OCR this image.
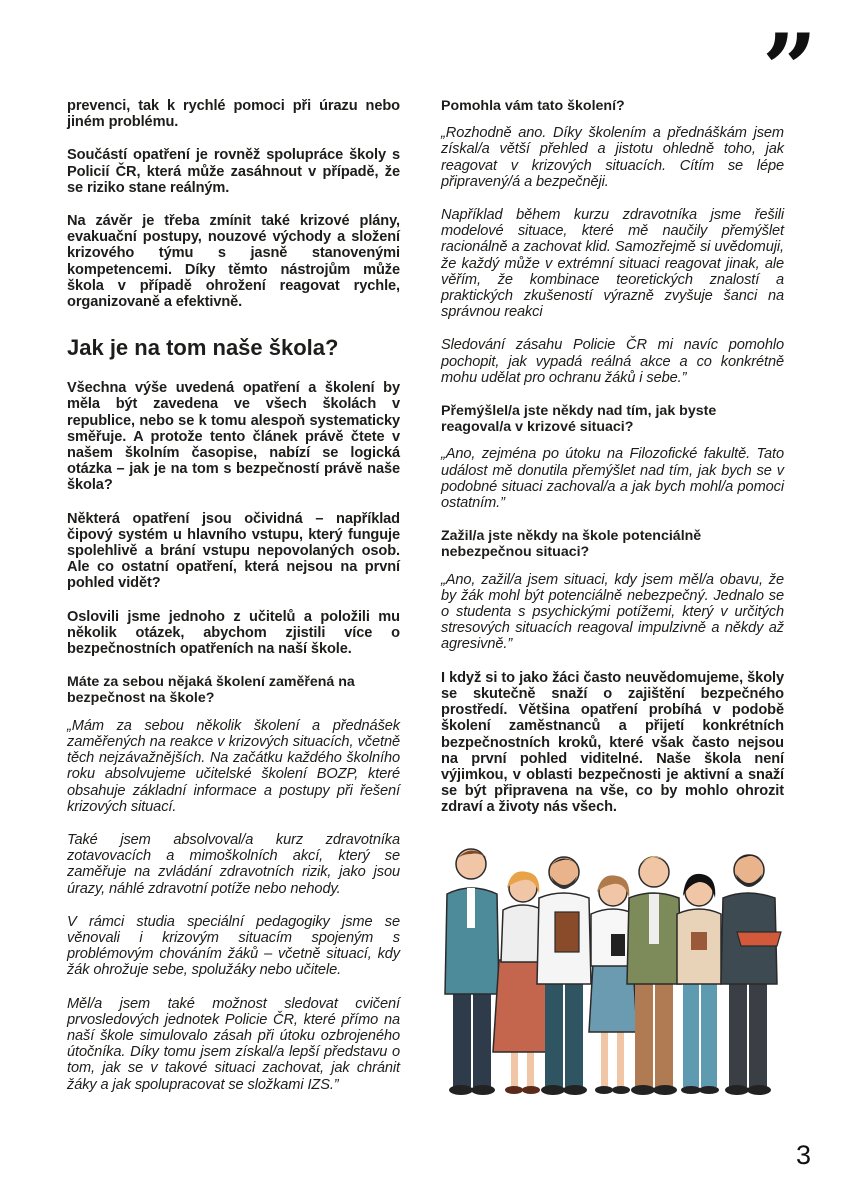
”

prevenci, tak k rychlé pomoci při úrazu nebo jiném problému.

Součástí opatření je rovněž spolupráce školy s Policií ČR, která může zasáhnout v případě, že se riziko stane reálným.

Na závěr je třeba zmínit také krizové plány, evakuační postupy, nouzové východy a složení krizového týmu s jasně stanovenými kompetencemi. Díky těmto nástrojům může škola v případě ohrožení reagovat rychle, organizovaně a efektivně.

Jak je na tom naše škola?

Všechna výše uvedená opatření a školení by měla být zavedena ve všech školách v republice, nebo se k tomu alespoň systematicky směřuje. A protože tento článek právě čtete v našem školním časopise, nabízí se logická otázka – jak je na tom s bezpečností právě naše škola?

Některá opatření jsou očividná – například čipový systém u hlavního vstupu, který funguje spolehlivě a brání vstupu nepovolaných osob. Ale co ostatní opatření, která nejsou na první pohled vidět?

Oslovili jsme jednoho z učitelů a položili mu několik otázek, abychom zjistili více o bezpečnostních opatřeních na naší škole.

Máte za sebou nějaká školení zaměřená na bezpečnost na škole?

„Mám za sebou několik školení a přednášek zaměřených na reakce v krizových situacích, včetně těch nejzávažnějších. Na začátku každého školního roku absolvujeme učitelské školení BOZP, které obsahuje základní informace a postupy při řešení krizových situací.

Také jsem absolvoval/a kurz zdravotníka zotavovacích a mimoškolních akcí, který se zaměřuje na zvládání zdravotních rizik, jako jsou úrazy, náhlé zdravotní potíže nebo nehody.

V rámci studia speciální pedagogiky jsme se věnovali i krizovým situacím spojeným s problémovým chováním žáků – včetně situací, kdy žák ohrožuje sebe, spolužáky nebo učitele.

Měl/a jsem také možnost sledovat cvičení prvosledových jednotek Policie ČR, které přímo na naší škole simulovalo zásah při útoku ozbrojeného útočníka. Díky tomu jsem získal/a lepší představu o tom, jak se v takové situaci zachovat, jak chránit žáky a jak spolupracovat se složkami IZS.”

Pomohla vám tato školení?

„Rozhodně ano. Díky školením a přednáškám jsem získal/a větší přehled a jistotu ohledně toho, jak reagovat v krizových situacích. Cítím se lépe připravený/á a bezpečněji.

Například během kurzu zdravotníka jsme řešili modelové situace, které mě naučily přemýšlet racionálně a zachovat klid. Samozřejmě si uvědomuji, že každý může v extrémní situaci reagovat jinak, ale věřím, že kombinace teoretických znalostí a praktických zkušeností výrazně zvyšuje šanci na správnou reakci

Sledování zásahu Policie ČR mi navíc pomohlo pochopit, jak vypadá reálná akce a co konkrétně mohu udělat pro ochranu žáků i sebe.”

Přemýšlel/a jste někdy nad tím, jak byste reagoval/a v krizové situaci?

„Ano, zejména po útoku na Filozofické fakultě. Tato událost mě donutila přemýšlet nad tím, jak bych se v podobné situaci zachoval/a a jak bych mohl/a pomoci ostatním.”

Zažil/a jste někdy na škole potenciálně nebezpečnou situaci?

„Ano, zažil/a jsem situaci, kdy jsem měl/a obavu, že by žák mohl být potenciálně nebezpečný. Jednalo se o studenta s psychickými potížemi, který v určitých stresových situacích reagoval impulzivně a někdy až agresivně.”

I když si to jako žáci často neuvědomujeme, školy se skutečně snaží o zajištění bezpečného prostředí. Většina opatření probíhá v podobě školení zaměstnanců a přijetí konkrétních bezpečnostních kroků, které však často nejsou na první pohled viditelné. Naše škola není výjimkou, v oblasti bezpečnosti je aktivní a snaží se být připravena na vše, co by mohlo ohrozit zdraví a životy nás všech.

3
